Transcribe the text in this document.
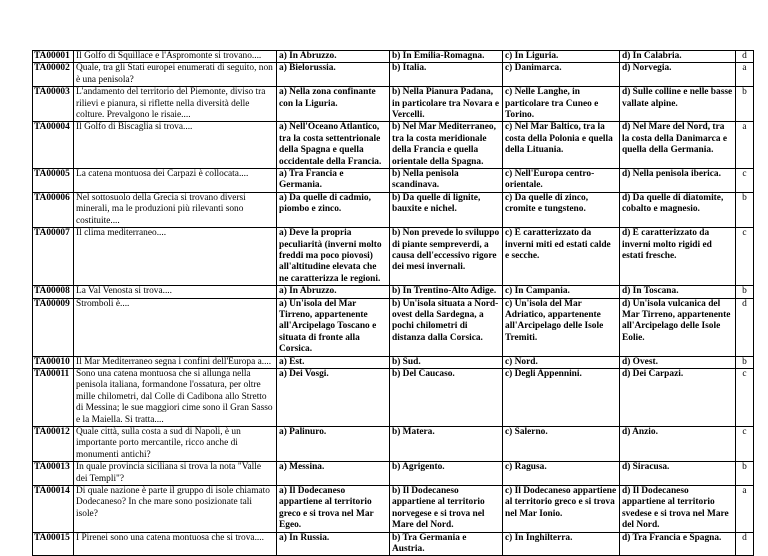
TA00001	Il Golfo di Squillace e l'Aspromonte si trovano....	a) In Abruzzo.	b) In Emilia-Romagna.	c) In Liguria.	d) In Calabria.	d
TA00002	Quale, tra gli Stati europei enumerati di seguito, non è una penisola?	a) Bielorussia.	b) Italia.	c) Danimarca.	d) Norvegia.	a
TA00003	L'andamento del territorio del Piemonte, diviso tra rilievi e pianura, si riflette nella diversità delle colture. Prevalgono le risaie....	a) Nella zona confinante con la Liguria.	b) Nella Pianura Padana, in particolare tra Novara e Vercelli.	c) Nelle Langhe, in particolare tra Cuneo e Torino.	d) Sulle colline e nelle basse vallate alpine.	b
TA00004	Il Golfo di Biscaglia si trova....	a) Nell'Oceano Atlantico, tra la costa settentrionale della Spagna e quella occidentale della Francia.	b) Nel Mar Mediterraneo, tra la costa meridionale della Francia e quella orientale della Spagna.	c) Nel Mar Baltico, tra la costa della Polonia e quella della Lituania.	d) Nel Mare del Nord, tra la costa della Danimarca e quella della Germania.	a
TA00005	La catena montuosa dei Carpazi è collocata....	a) Tra Francia e Germania.	b) Nella penisola scandinava.	c) Nell'Europa centro-orientale.	d) Nella penisola iberica.	c
TA00006	Nel sottosuolo della Grecia si trovano diversi minerali, ma le produzioni più rilevanti sono costituite....	a) Da quelle di cadmio, piombo e zinco.	b) Da quelle di lignite, bauxite e nichel.	c) Da quelle di zinco, cromite e tungsteno.	d) Da quelle di diatomite, cobalto e magnesio.	b
TA00007	Il clima mediterraneo....	a) Deve la propria peculiarità (inverni molto freddi ma poco piovosi) all'altitudine elevata che ne caratterizza le regioni.	b) Non prevede lo sviluppo di piante sempreverdi, a causa dell'eccessivo rigore dei mesi invernali.	c) È caratterizzato da inverni miti ed estati calde e secche.	d) È caratterizzato da inverni molto rigidi ed estati fresche.	c
TA00008	La Val Venosta si trova....	a) In Abruzzo.	b) In Trentino-Alto Adige.	c) In Campania.	d) In Toscana.	b
TA00009	Stromboli è....	a) Un'isola del Mar Tirreno, appartenente all'Arcipelago Toscano e situata di fronte alla Corsica.	b) Un'isola situata a Nord-ovest della Sardegna, a pochi chilometri di distanza dalla Corsica.	c) Un'isola del Mar Adriatico, appartenente all'Arcipelago delle Isole Tremiti.	d) Un'isola vulcanica del Mar Tirreno, appartenente all'Arcipelago delle Isole Eolie.	d
TA00010	Il Mar Mediterraneo segna i confini dell'Europa a....	a) Est.	b) Sud.	c) Nord.	d) Ovest.	b
TA00011	Sono una catena montuosa che si allunga nella penisola italiana, formandone l'ossatura, per oltre mille chilometri, dal Colle di Cadibona allo Stretto di Messina; le sue maggiori cime sono il Gran Sasso e la Maiella. Si tratta....	a) Dei Vosgi.	b) Del Caucaso.	c) Degli Appennini.	d) Dei Carpazi.	c
TA00012	Quale città, sulla costa a sud di Napoli, è un importante porto mercantile, ricco anche di monumenti antichi?	a) Palinuro.	b) Matera.	c) Salerno.	d) Anzio.	c
TA00013	In quale provincia siciliana si trova la nota "Valle dei Templi"?	a) Messina.	b) Agrigento.	c) Ragusa.	d) Siracusa.	b
TA00014	Di quale nazione è parte il gruppo di isole chiamato Dodecaneso? In che mare sono posizionate tali isole?	a) Il Dodecaneso appartiene al territorio greco e si trova nel Mar Egeo.	b) Il Dodecaneso appartiene al territorio norvegese e si trova nel Mare del Nord.	c) Il Dodecaneso appartiene al territorio greco e si trova nel Mar Ionio.	d) Il Dodecaneso appartiene al territorio svedese e si trova nel Mare del Nord.	a
TA00015	I Pirenei sono una catena montuosa che si trova....	a) In Russia.	b) Tra Germania e Austria.	c) In Inghilterra.	d) Tra Francia e Spagna.	d
